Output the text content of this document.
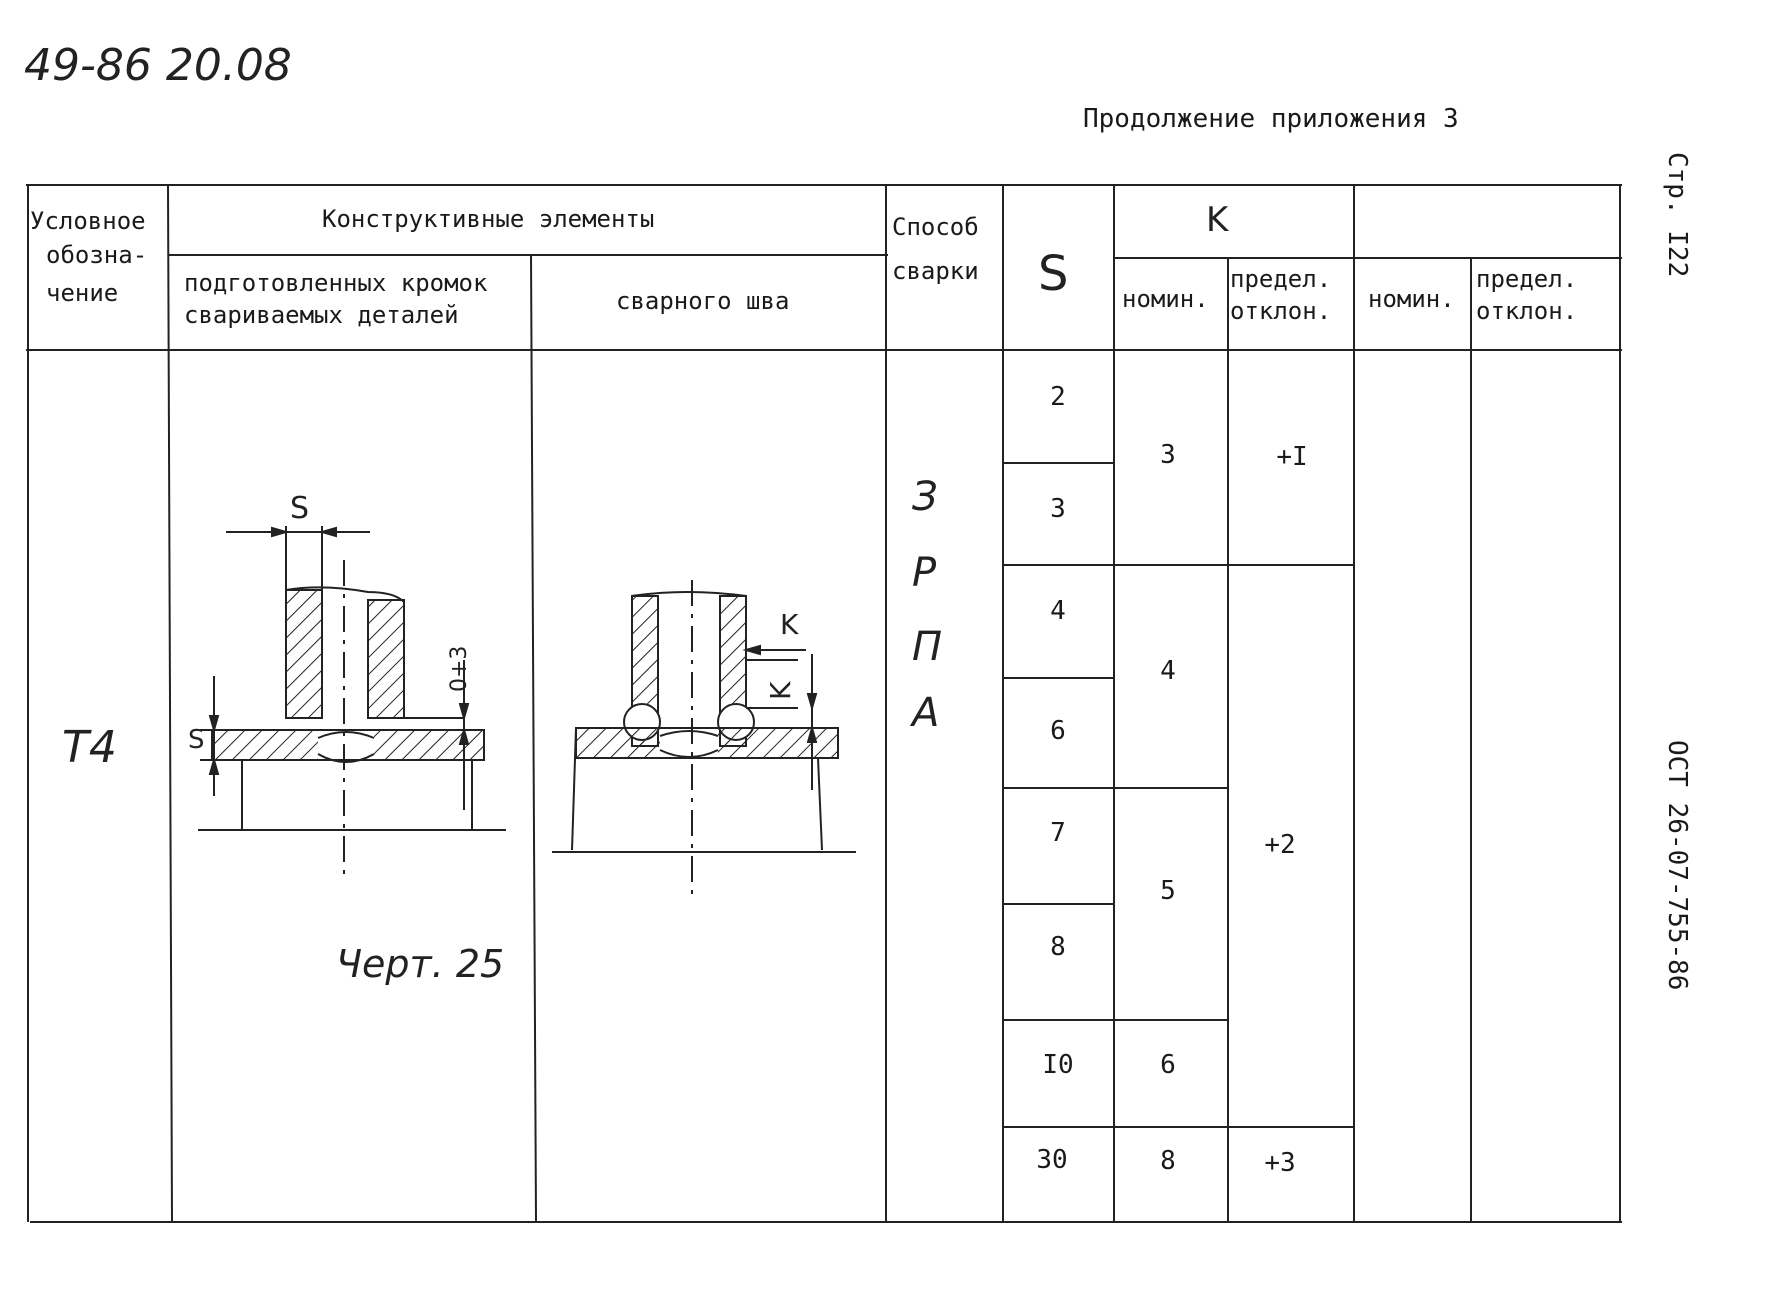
49-86 20.08
Продолжение приложения 3
Стр. I22
ОСТ 26-07-755-86
Условное
обозна-
чение
Конструктивные элементы
подготовленных кромок
свариваемых деталей	сварного шва
Способ
сварки S
K
номин.
предел.
отклон. номин.
предел.
отклон.
Т4
З
Р
П
А
2
3
4
6
7
8
I0
30
3
4
5
6
8
+I
+2
+3
S
S
0+3
Черт. 25
K
K
